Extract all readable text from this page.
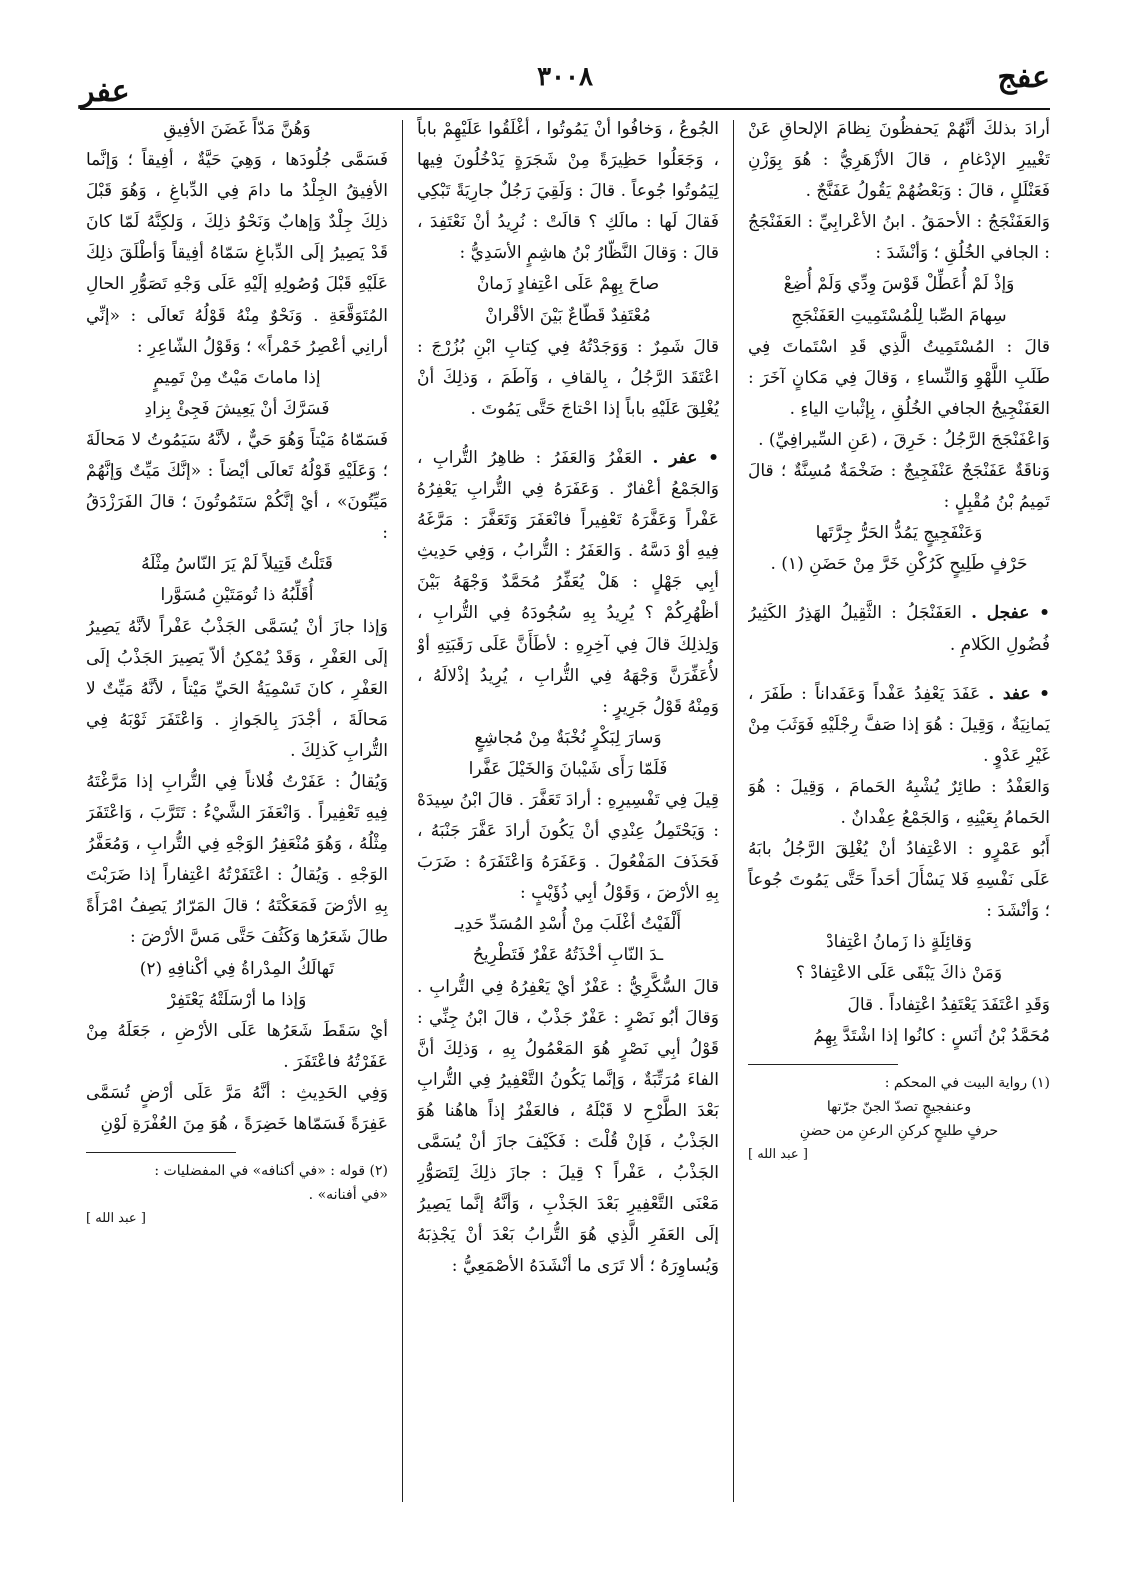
عفج
٣٠٠٨
عفر

أرادَ بذلكَ أنَّهُمْ يَحفظُونَ نِظامَ الإلحاقِ عَنْ تَغْييرِ الإدْغامِ ، قالَ الأزْهَرِيُّ : هُوَ بِوَزْنِ فَعَنْلَلٍ ، قالَ : وَبَعْضُهُمْ يَقُولُ عَفَنَّجٌ .

وَالعَفَنْجَجُ : الأحمَقُ . ابنُ الأعْرابِيِّ : العَفَنْجَجُ : الجافي الخُلُقِ ؛ وَأنْشَدَ :

وَإذْ لَمْ أُعَطِّلْ قَوْسَ وِدِّي وَلَمْ أُضِعْ

سِهامَ الصِّبا لِلْمُسْتَمِيتِ العَفَنْجَجِ

قالَ : المُسْتَمِيتُ الَّذِي قَدِ اسْتَماتَ فِي طَلَبِ اللَّهْوِ وَالنِّساءِ ، وَقالَ فِي مَكانٍ آخَرَ : العَفَنْجِيجُ الجافي الخُلُقِ ، بِإثْباتِ الياءِ .

وَاعْفَنْجَجَ الرَّجُلُ : خَرِقَ ، (عَنِ السِّيرافِيِّ) .

وَناقَةٌ عَفَنْجَجٌ عَنْفَجِيجٌ : ضَخْمَةٌ مُسِنَّةٌ ؛ قالَ تَمِيمُ بْنُ مُقْبِلٍ :

وَعَنْفَجِيجٍ يَمُدُّ الحَرُّ جِرَّتَها

حَرْفٍ طَلِيحٍ كَرُكْنِ خَرَّ مِنْ حَضَنِ (١) .

• عفجل . العَفَنْجَلُ : الثَّقِيلُ الهَذِرُ الكَثِيرُ فُضُولِ الكَلامِ .

• عفد . عَفَدَ يَعْفِدُ عَفْداً وَعَفَداناً : طَفَرَ ، يَمانِيَةٌ ، وَقِيلَ : هُوَ إذا صَفَّ رِجْلَيْهِ فَوَثَبَ مِنْ غَيْرِ عَدْوٍ .

وَالعَفْدُ : طائِرٌ يُشْبِهُ الحَمامَ ، وَقِيلَ : هُوَ الحَمامُ بِعَيْنِهِ ، وَالجَمْعُ عِفْدانٌ .

أَبُو عَمْرٍو : الاعْتِفادُ أنْ يُغْلِقَ الرَّجُلُ بابَهُ عَلَى نَفْسِهِ فَلا يَسْأَلَ أحَداً حَتَّى يَمُوتَ جُوعاً ؛ وَأنْشَدَ :

وَقائِلَةٍ ذا زَمانُ اعْتِفادْ

وَمَنْ ذاكَ يَبْقَى عَلَى الاعْتِفادْ ؟

وَقَدِ اعْتَفَدَ يَعْتَفِدُ اعْتِفاداً . قالَ

مُحَمَّدُ بْنُ أنَسٍ : كانُوا إذا اشْتَدَّ بِهِمُ

(١) رواية البيت في المحكم :
وعنفجيجٍ تصدّ الجنّ جرّتها
حرفٍ طليحٍ كركنِ الرعنِ من حضنِ
[ عبد الله ]

الجُوعُ ، وَخافُوا أنْ يَمُوتُوا ، أغْلَقُوا عَلَيْهِمْ باباً ، وَجَعَلُوا حَظِيرَةً مِنْ شَجَرَةٍ يَدْخُلُونَ فِيها لِيَمُوتُوا جُوعاً . قالَ : وَلَقِيَ رَجُلٌ جارِيَةً تَبْكِي فَقالَ لَها : مالَكِ ؟ قالَتْ : نُرِيدُ أنْ نَعْتَفِدَ ، قالَ : وَقالَ النَّظّارُ بْنُ هاشِمٍ الأسَدِيُّ :

صاحَ بِهِمْ عَلَى اعْتِفادٍ زَمانْ

مُعْتَفِدٌ قَطّاعٌ بَيْنَ الأقْرانْ

قالَ شَمِرٌ : وَوَجَدْتُهُ فِي كِتابِ ابْنِ بُزُرْجَ : اعْتَقَدَ الرَّجُلُ ، بِالقافِ ، وَآطَمَ ، وَذلِكَ أنْ يُغْلِقَ عَلَيْهِ باباً إذا احْتاجَ حَتَّى يَمُوتَ .

• عفر . العَفْرُ وَالعَفَرُ : ظاهِرُ التُّرابِ ، وَالجَمْعُ أعْفارٌ . وَعَفَرَهُ فِي التُّرابِ يَعْفِرُهُ عَفْراً وَعَفَّرَهُ تَعْفِيراً فانْعَفَرَ وَتَعَفَّرَ : مَرَّغَهُ فِيهِ أوْ دَسَّهُ . وَالعَفَرُ : التُّرابُ ، وَفِي حَدِيثِ أبِي جَهْلٍ : هَلْ يُعَفِّرُ مُحَمَّدٌ وَجْهَهُ بَيْنَ أظْهُرِكُمْ ؟ يُرِيدُ بِهِ سُجُودَهُ فِي التُّرابِ ، وَلِذلِكَ قالَ فِي آخِرِهِ : لأطَأَنَّ عَلَى رَقَبَتِهِ أوْ لأُعَفِّرَنَّ وَجْهَهُ فِي التُّرابِ ، يُرِيدُ إذْلالَهُ ، وَمِنْهُ قَوْلُ جَرِيرٍ :

وَسارَ لِبَكْرٍ نُخْبَةٌ مِنْ مُجاشِعٍ

فَلَمّا رَأَى شَيْبانَ وَالخَيْلَ عَفَّرا

قِيلَ فِي تَفْسِيرِهِ : أرادَ تَعَفَّرَ . قالَ ابْنُ سِيدَهْ : وَيَحْتَمِلُ عِنْدِي أنْ يَكُونَ أرادَ عَفَّرَ جَنْبَهُ ، فَحَذَفَ المَفْعُولَ . وَعَفَرَهُ وَاعْتَفَرَهُ : ضَرَبَ بِهِ الأرْضَ ، وَقَوْلُ أبِي ذُؤَيْبٍ :

أَلْفَيْتُ أغْلَبَ مِنْ أُسْدِ المُسَدِّ حَدِيـ

ـدَ النّابِ أخْذَتُهُ عَفْرٌ فَتَطْرِيحُ

قالَ السُّكَّرِيُّ : عَفْرٌ أيْ يَعْفِرُهُ فِي التُّرابِ . وَقالَ أبُو نَصْرٍ : عَفْرٌ جَذْبٌ ، قالَ ابْنُ جِنِّي : قَوْلُ أبِي نَصْرٍ هُوَ المَعْمُولُ بِهِ ، وَذلِكَ أنَّ الفاءَ مُرَتِّبَةٌ ، وَإنَّما يَكُونُ التَّعْفِيرُ فِي التُّرابِ بَعْدَ الطَّرْحِ لا قَبْلَهُ ، فالعَفْرُ إذاً هاهُنا هُوَ الجَذْبُ ، فَإنْ قُلْتَ : فَكَيْفَ جازَ أنْ يُسَمَّى الجَذْبُ ، عَفْراً ؟ قِيلَ : جازَ ذلِكَ لِتَصَوُّرِ مَعْنَى التَّعْفِيرِ بَعْدَ الجَذْبِ ، وَأنَّهُ إنَّما يَصِيرُ إلَى العَفَرِ الَّذِي هُوَ التُّرابُ بَعْدَ أنْ يَجْذِبَهُ وَيُساوِرَهُ ؛ ألا تَرَى ما أنْشَدَهُ الأصْمَعِيُّ :

وَهُنَّ مَدّاً غَضَنَ الأفِيقِ

فَسَمَّى جُلُودَها ، وَهِيَ حَيَّةٌ ، أفِيقاً ؛ وَإنَّما الأفِيقُ الجِلْدُ ما دامَ فِي الدِّباغِ ، وَهُوَ قَبْلَ ذلِكَ جِلْدٌ وَإهابٌ وَنَحْوُ ذلِكَ ، وَلكِنَّهُ لَمّا كانَ قَدْ يَصِيرُ إلَى الدِّباغِ سَمّاهُ أفِيقاً وَأطْلَقَ ذلِكَ عَلَيْهِ قَبْلَ وُصُولِهِ إلَيْهِ عَلَى وَجْهِ تَصَوُّرِ الحالِ المُتَوَقَّعَةِ . وَنَحْوٌ مِنْهُ قَوْلُهُ تَعالَى : «إنِّي أرانِي أعْصِرُ خَمْراً» ؛ وَقَوْلُ الشّاعِرِ :

إذا ماماتَ مَيْتٌ مِنْ تَمِيمٍ

فَسَرَّكَ أنْ يَعِيشَ فَجِئْ بِزادِ

فَسَمّاهُ مَيْتاً وَهُوَ حَيٌّ ، لأنَّهُ سَيَمُوتُ لا مَحالَةَ ؛ وَعَلَيْهِ قَوْلُهُ تَعالَى أيْضاً : «إنَّكَ مَيِّتٌ وَإنَّهُمْ مَيِّتُونَ» ، أيْ إنَّكُمْ سَتَمُوتُونَ ؛ قالَ الفَرَزْدَقُ :

قَتَلْتُ قَتِيلاً لَمْ يَرَ النّاسُ مِثْلَهُ

أُقَلِّبُهُ ذا تُومَتَيْنِ مُسَوَّرا

وَإذا جازَ أنْ يُسَمَّى الجَذْبُ عَفْراً لأنَّهُ يَصِيرُ إلَى العَفْرِ ، وَقَدْ يُمْكِنُ ألاّ يَصِيرَ الجَذْبُ إلَى العَفْرِ ، كانَ تَسْمِيَةُ الحَيِّ مَيْتاً ، لأنَّهُ مَيِّتٌ لا مَحالَةَ ، أجْدَرَ بِالجَوازِ . وَاعْتَفَرَ ثَوْبَهُ فِي التُّرابِ كَذلِكَ .

وَيُقالُ : عَفَرْتُ فُلاناً فِي التُّرابِ إذا مَرَّغْتَهُ فِيهِ تَعْفِيراً . وَانْعَفَرَ الشَّيْءُ : تَتَرَّبَ ، وَاعْتَفَرَ مِثْلُهُ ، وَهُوَ مُنْعَفِرُ الوَجْهِ فِي التُّرابِ ، وَمُعَفَّرُ الوَجْهِ . وَيُقالُ : اعْتَفَرْتُهُ اعْتِفاراً إذا ضَرَبْتَ بِهِ الأرْضَ فَمَعَكْتَهُ ؛ قالَ المَرّارُ يَصِفُ امْرَأَةً طالَ شَعَرُها وَكَثُفَ حَتَّى مَسَّ الأرْضَ :

تَهالَكُ المِدْراةُ فِي أكْنافِهِ (٢)

وَإذا ما أرْسَلَتْهُ يَعْتَفِرْ

أيْ سَقَطَ شَعَرُها عَلَى الأرْضِ ، جَعَلَهُ مِنْ عَفَرْتُهُ فاعْتَفَرَ .

وَفِي الحَدِيثِ : أنَّهُ مَرَّ عَلَى أرْضٍ تُسَمَّى عَفِرَةً فَسَمّاها خَضِرَةً ، هُوَ مِنَ العُفْرَةِ لَوْنِ

(٢) قوله : «في أكنافه» في المفضليات :
«في أفنانه» .
[ عبد الله ]
